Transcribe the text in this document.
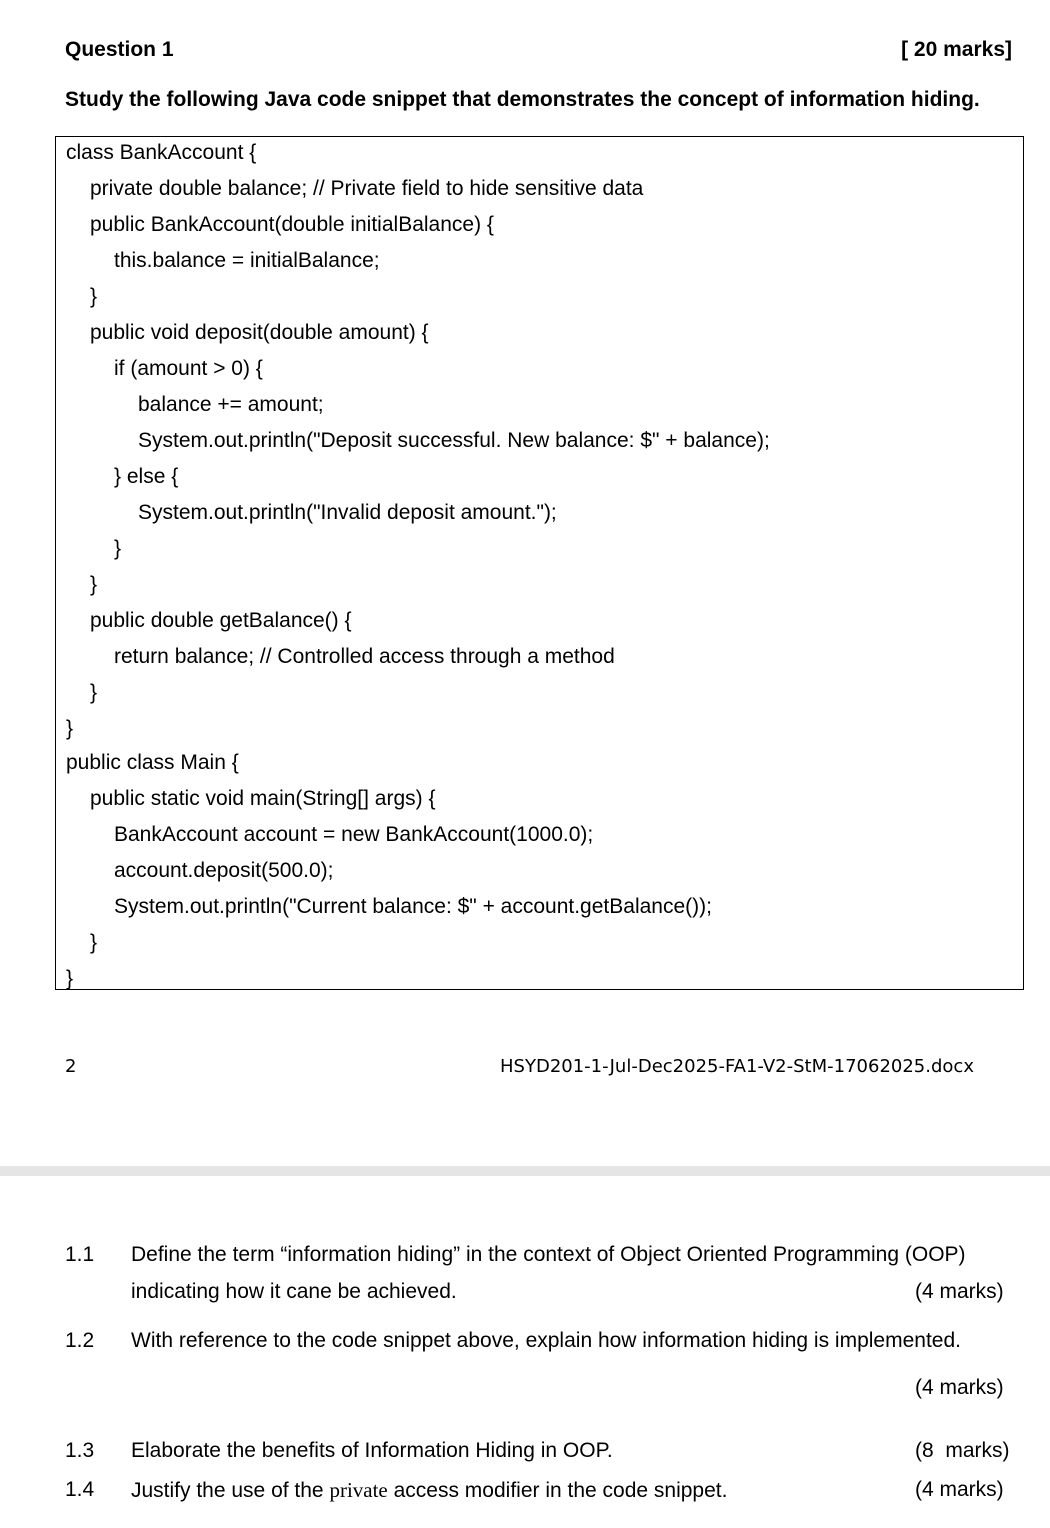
Question 1	[ 20 marks]
Study the following Java code snippet that demonstrates the concept of information hiding.
class BankAccount {
private double balance; // Private field to hide sensitive data
public BankAccount(double initialBalance) {
this.balance = initialBalance;
}
public void deposit(double amount) {
if (amount > 0) {
balance += amount;
System.out.println("Deposit successful. New balance: $" + balance);
} else {
System.out.println("Invalid deposit amount.");
}
}
public double getBalance() {
return balance; // Controlled access through a method
}
}
public class Main {
public static void main(String[] args) {
BankAccount account = new BankAccount(1000.0);
account.deposit(500.0);
System.out.println("Current balance: $" + account.getBalance());
}
}
2	HSYD201-1-Jul-Dec2025-FA1-V2-StM-17062025.docx
1.1 Define the term “information hiding” in the context of Object Oriented Programming (OOP)
indicating how it cane be achieved.	(4 marks)
1.2 With reference to the code snippet above, explain how information hiding is implemented.
(4 marks)
1.3 Elaborate the benefits of Information Hiding in OOP.	(8  marks)
1.4 Justify the use of the private access modifier in the code snippet.	(4 marks)
